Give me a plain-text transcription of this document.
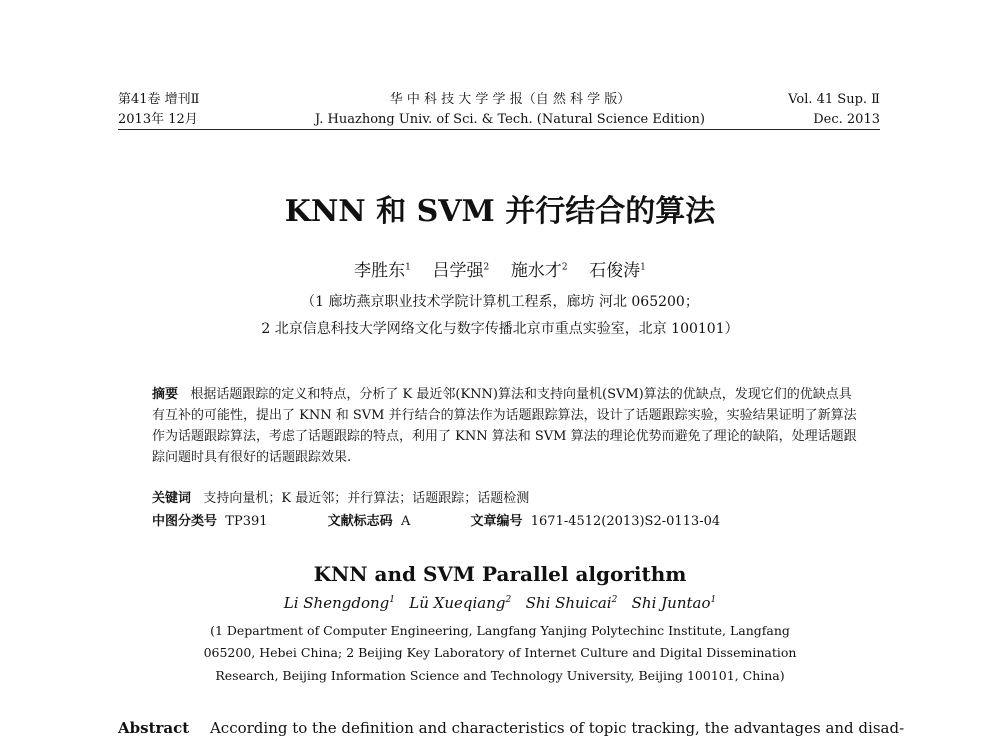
第41卷 增刊Ⅱ
2013年 12月
华 中 科 技 大 学 学 报（自 然 科 学 版）
J. Huazhong Univ. of Sci. & Tech. (Natural Science Edition)
Vol. 41 Sup. Ⅱ
Dec. 2013
KNN 和 SVM 并行结合的算法
李胜东$^1$ 吕学强$^2$ 施水才$^2$ 石俊涛$^1$
（1 廊坊燕京职业技术学院计算机工程系，廊坊 河北 065200；
2 北京信息科技大学网络文化与数字传播北京市重点实验室，北京 100101）
摘要 根据话题跟踪的定义和特点，分析了 K 最近邻(KNN)算法和支持向量机(SVM)算法的优缺点，发现它们的优缺点具有互补的可能性，提出了 KNN 和 SVM 并行结合的算法作为话题跟踪算法，设计了话题跟踪实验，实验结果证明了新算法作为话题跟踪算法，考虑了话题跟踪的特点，利用了 KNN 算法和 SVM 算法的理论优势而避免了理论的缺陷，处理话题跟踪问题时具有很好的话题跟踪效果.
关键词 支持向量机；K 最近邻；并行算法；话题跟踪；话题检测
中图分类号 TP391	文献标志码 A	文章编号 1671-4512(2013)S2-0113-04
KNN and SVM Parallel algorithm
Li Shengdong$^1$ Lü Xueqiang$^2$ Shi Shuicai$^2$ Shi Juntao$^1$
(1 Department of Computer Engineering, Langfang Yanjing Polytechinc Institute, Langfang
065200, Hebei China; 2 Beijing Key Laboratory of Internet Culture and Digital Dissemination
Research, Beijing Information Science and Technology University, Beijing 100101, China)
Abstract According to the definition and characteristics of topic tracking, the advantages and disad-
